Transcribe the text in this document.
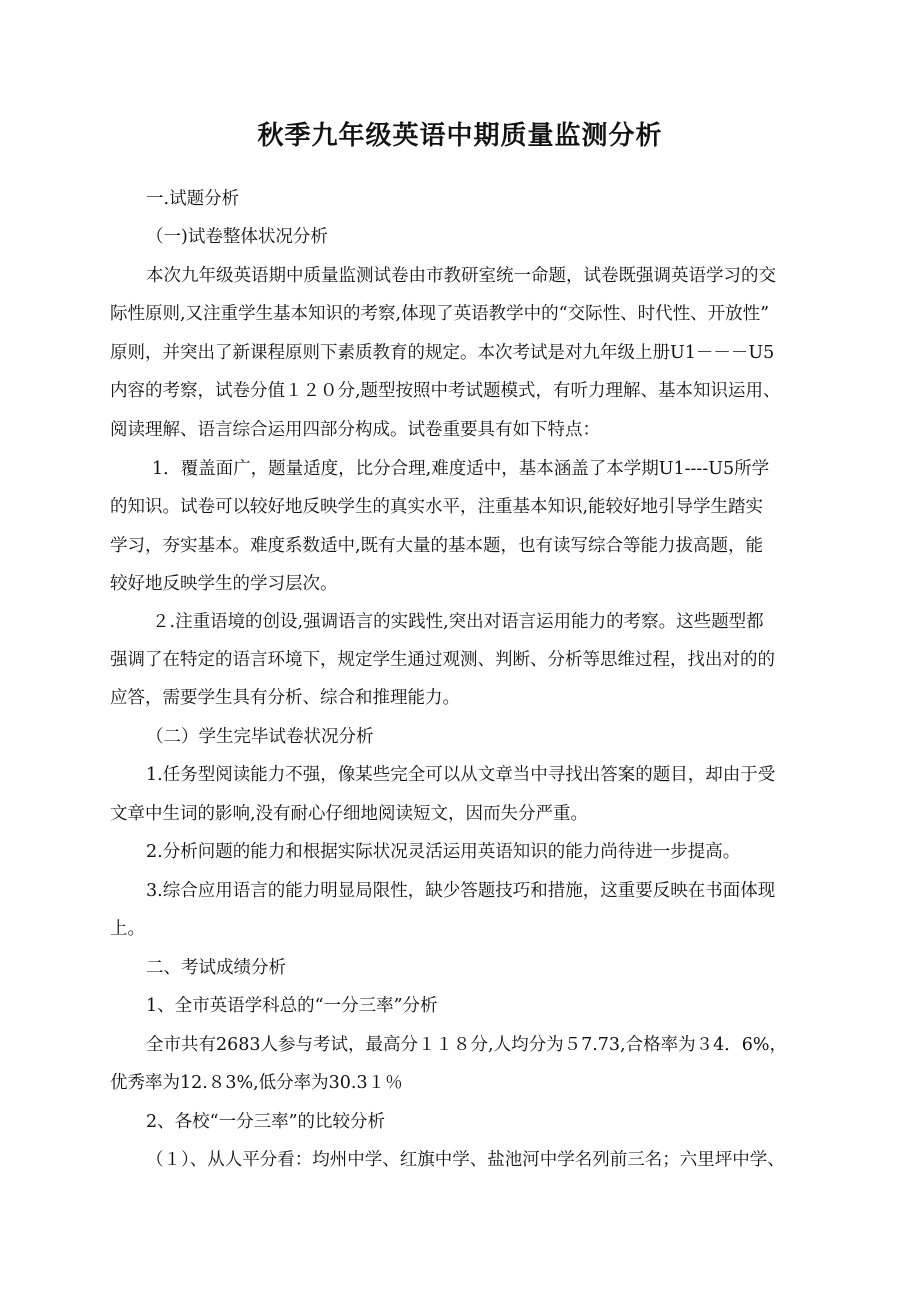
秋季九年级英语中期质量监测分析
一.试题分析
（一)试卷整体状况分析
本次九年级英语期中质量监测试卷由市教研室统一命题，试卷既强调英语学习的交
际性原则,又注重学生基本知识的考察,体现了英语教学中的“交际性、时代性、开放性”
原则，并突出了新课程原则下素质教育的规定。本次考试是对九年级上册U1－－－U5
内容的考察，试卷分值１２０分,题型按照中考试题模式，有听力理解、基本知识运用、
阅读理解、语言综合运用四部分构成。试卷重要具有如下特点：
1．覆盖面广，题量适度，比分合理,难度适中，基本涵盖了本学期U1----U5所学
的知识。试卷可以较好地反映学生的真实水平，注重基本知识,能较好地引导学生踏实
学习，夯实基本。难度系数适中,既有大量的基本题，也有读写综合等能力拔高题，能
较好地反映学生的学习层次。
２.注重语境的创设,强调语言的实践性,突出对语言运用能力的考察。这些题型都
强调了在特定的语言环境下，规定学生通过观测、判断、分析等思维过程，找出对的的
应答，需要学生具有分析、综合和推理能力。
（二）学生完毕试卷状况分析
1.任务型阅读能力不强，像某些完全可以从文章当中寻找出答案的题目，却由于受
文章中生词的影响,没有耐心仔细地阅读短文，因而失分严重。
2.分析问题的能力和根据实际状况灵活运用英语知识的能力尚待进一步提高。
3.综合应用语言的能力明显局限性，缺少答题技巧和措施，这重要反映在书面体现
上。
二、考试成绩分析
1、全市英语学科总的“一分三率”分析
全市共有2683人参与考试，最高分１１８分,人均分为５7.73,合格率为３4．6%，
优秀率为12.８3%,低分率为30.3１％
2、各校“一分三率”的比较分析
（１）、从人平分看：均州中学、红旗中学、盐池河中学名列前三名；六里坪中学、
